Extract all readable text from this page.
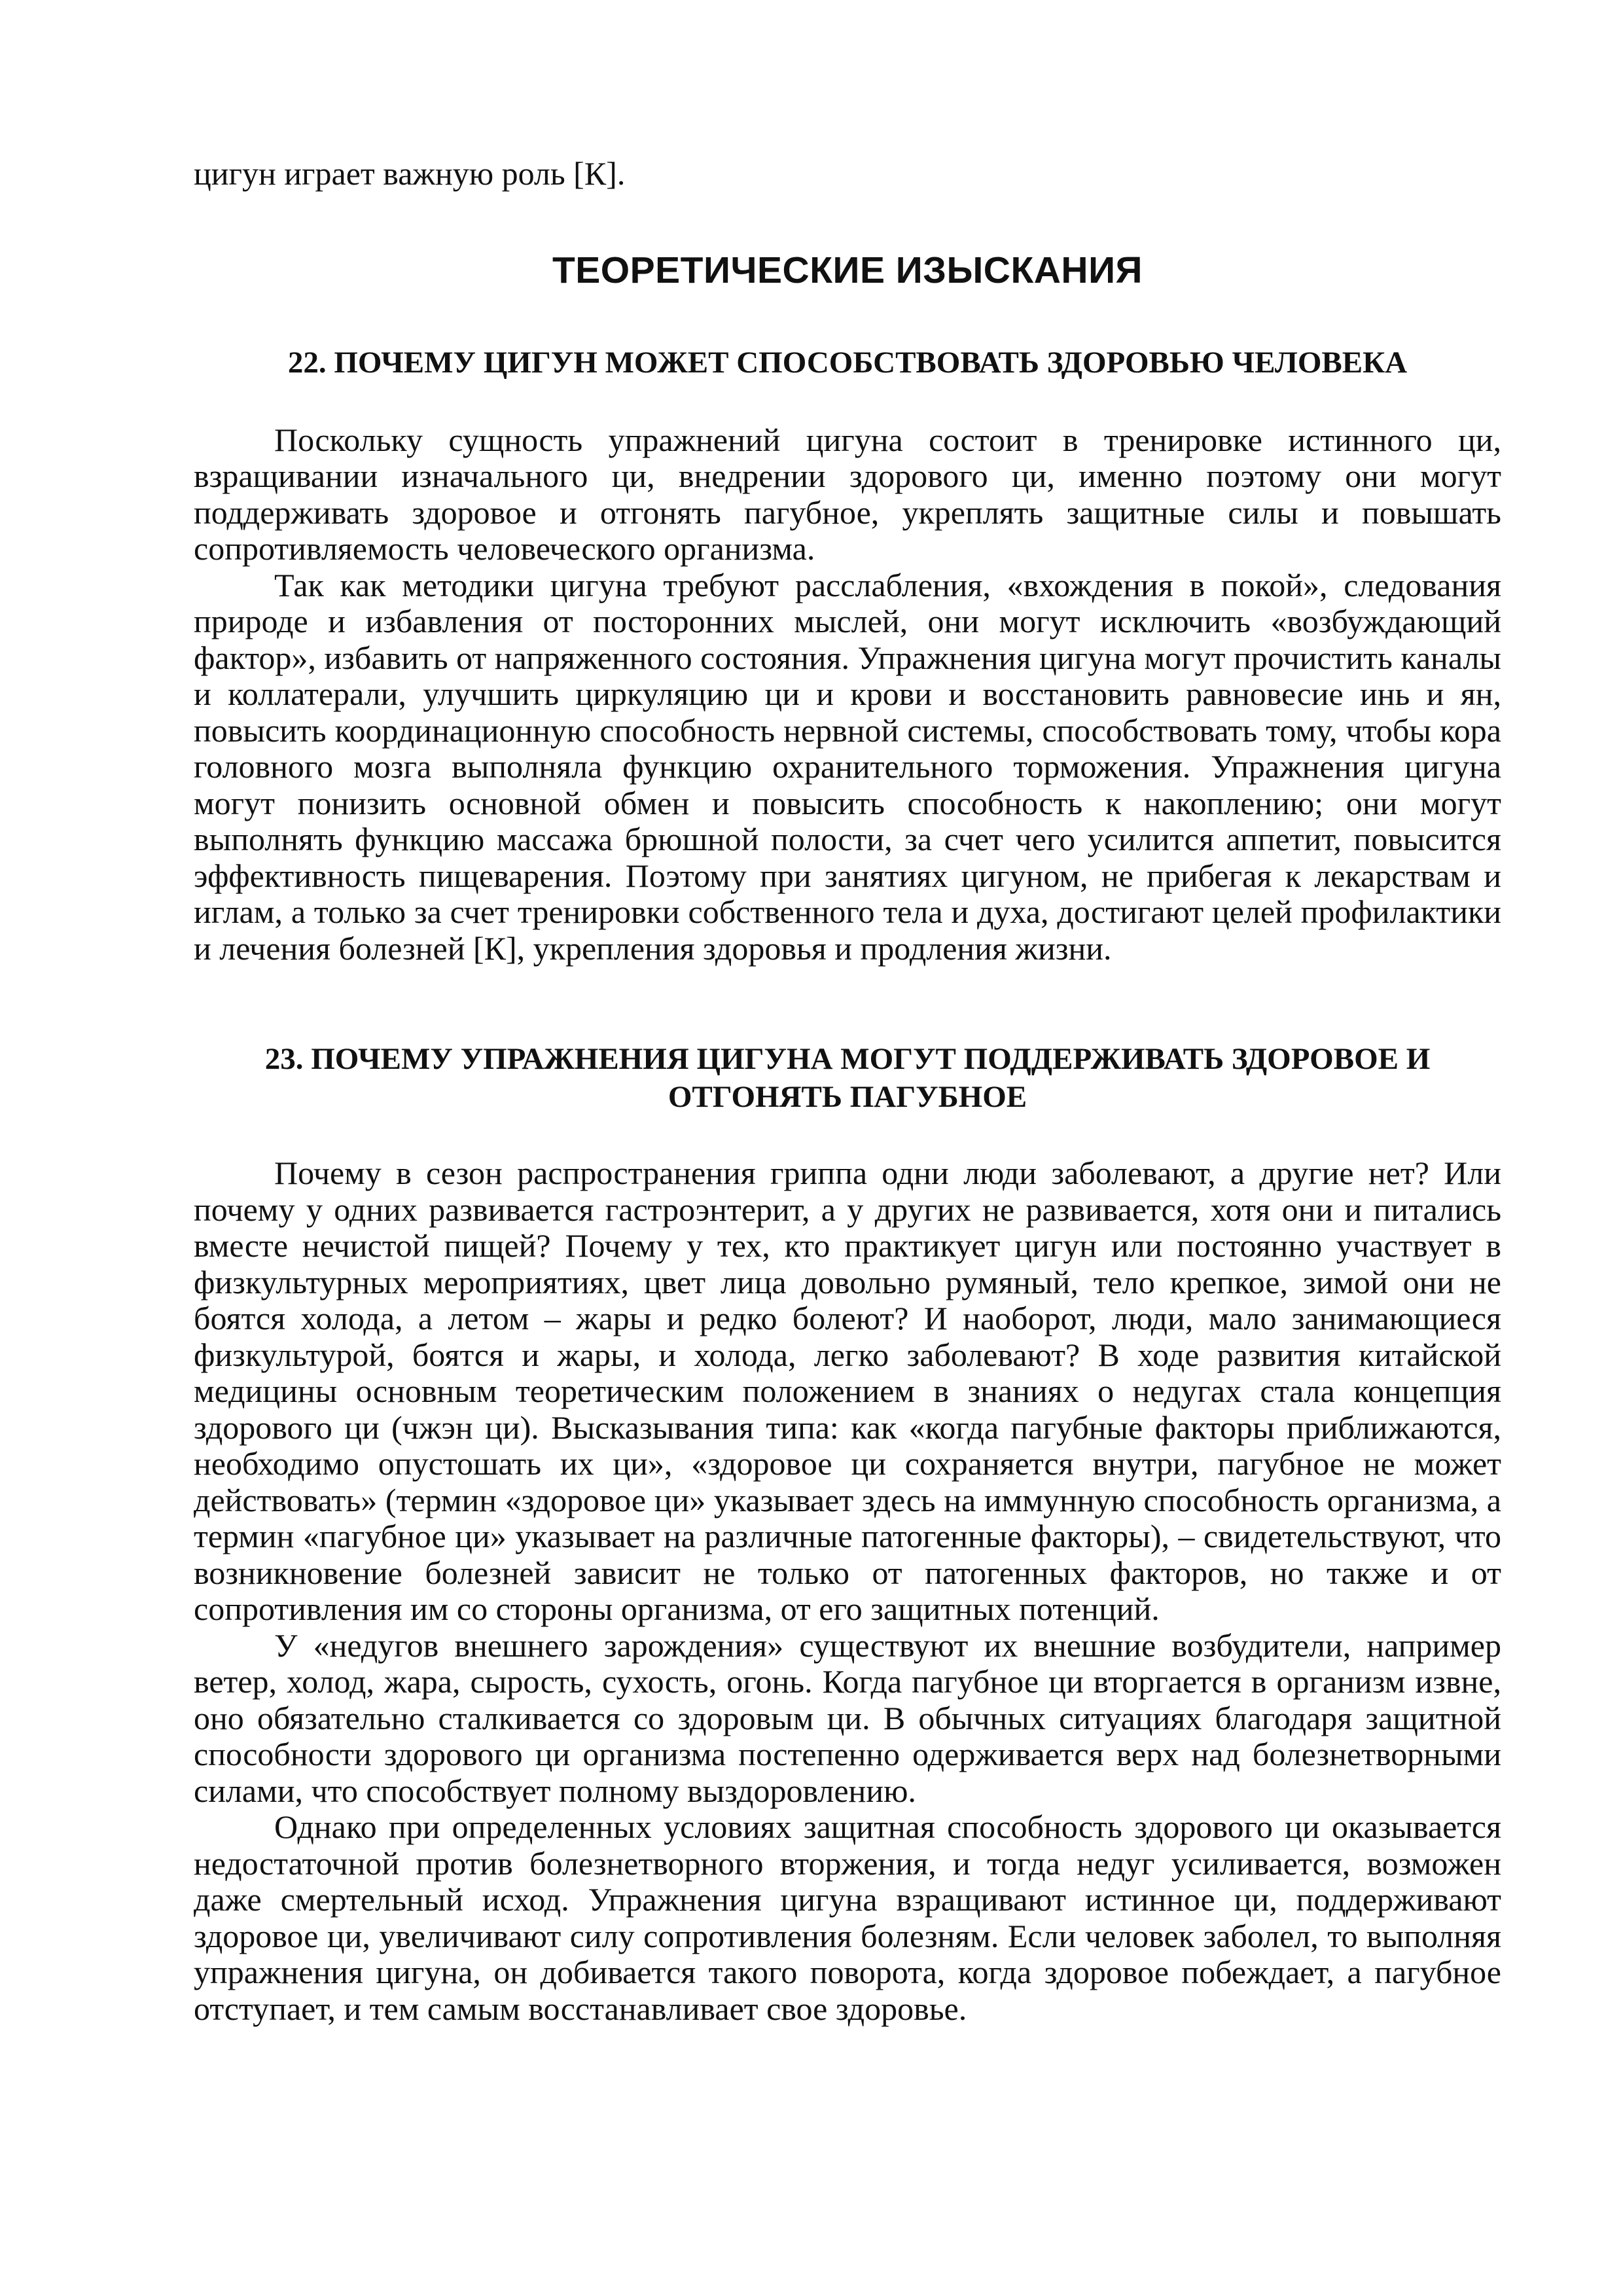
цигун играет важную роль [К].

ТЕОРЕТИЧЕСКИЕ ИЗЫСКАНИЯ
22. ПОЧЕМУ ЦИГУН МОЖЕТ СПОСОБСТВОВАТЬ ЗДОРОВЬЮ ЧЕЛОВЕКА

Поскольку сущность упражнений цигуна состоит в тренировке истинного ци, взращивании изначального ци, внедрении здорового ци, именно поэтому они могут поддерживать здоровое и отгонять пагубное, укреплять защитные силы и повышать сопротивляемость человеческого организма.

Так как методики цигуна требуют расслабления, «вхождения в покой», следования природе и избавления от посторонних мыслей, они могут исключить «возбуждающий фактор», избавить от напряженного состояния. Упражнения цигуна могут прочистить каналы и коллатерали, улучшить циркуляцию ци и крови и восстановить равновесие инь и ян, повысить координационную способность нервной системы, способствовать тому, чтобы кора головного мозга выполняла функцию охранительного торможения. Упражнения цигуна могут понизить основной обмен и повысить способность к накоплению; они могут выполнять функцию массажа брюшной полости, за счет чего усилится аппетит, повысится эффективность пищеварения. Поэтому при занятиях цигуном, не прибегая к лекарствам и иглам, а только за счет тренировки собственного тела и духа, достигают целей профилактики и лечения болезней [К], укрепления здоровья и продления жизни.

23. ПОЧЕМУ УПРАЖНЕНИЯ ЦИГУНА МОГУТ ПОДДЕРЖИВАТЬ ЗДОРОВОЕ И
ОТГОНЯТЬ ПАГУБНОЕ

Почему в сезон распространения гриппа одни люди заболевают, а другие нет? Или почему у одних развивается гастроэнтерит, а у других не развивается, хотя они и питались вместе нечистой пищей? Почему у тех, кто практикует цигун или постоянно участвует в физкультурных мероприятиях, цвет лица довольно румяный, тело крепкое, зимой они не боятся холода, а летом – жары и редко болеют? И наоборот, люди, мало занимающиеся физкультурой, боятся и жары, и холода, легко заболевают? В ходе развития китайской медицины основным теоретическим положением в знаниях о недугах стала концепция здорового ци (чжэн ци). Высказывания типа: как «когда пагубные факторы приближаются, необходимо опустошать их ци», «здоровое ци сохраняется внутри, пагубное не может действовать» (термин «здоровое ци» указывает здесь на иммунную способность организма, а термин «пагубное ци» указывает на различные патогенные факторы), – свидетельствуют, что возникновение болезней зависит не только от патогенных факторов, но также и от сопротивления им со стороны организма, от его защитных потенций.

У «недугов внешнего зарождения» существуют их внешние возбудители, например ветер, холод, жара, сырость, сухость, огонь. Когда пагубное ци вторгается в организм извне, оно обязательно сталкивается со здоровым ци. В обычных ситуациях благодаря защитной способности здорового ци организма постепенно одерживается верх над болезнетворными силами, что способствует полному выздоровлению.

Однако при определенных условиях защитная способность здорового ци оказывается недостаточной против болезнетворного вторжения, и тогда недуг усиливается, возможен даже смертельный исход. Упражнения цигуна взращивают истинное ци, поддерживают здоровое ци, увеличивают силу сопротивления болезням. Если человек заболел, то выполняя упражнения цигуна, он добивается такого поворота, когда здоровое побеждает, а пагубное отступает, и тем самым восстанавливает свое здоровье.
